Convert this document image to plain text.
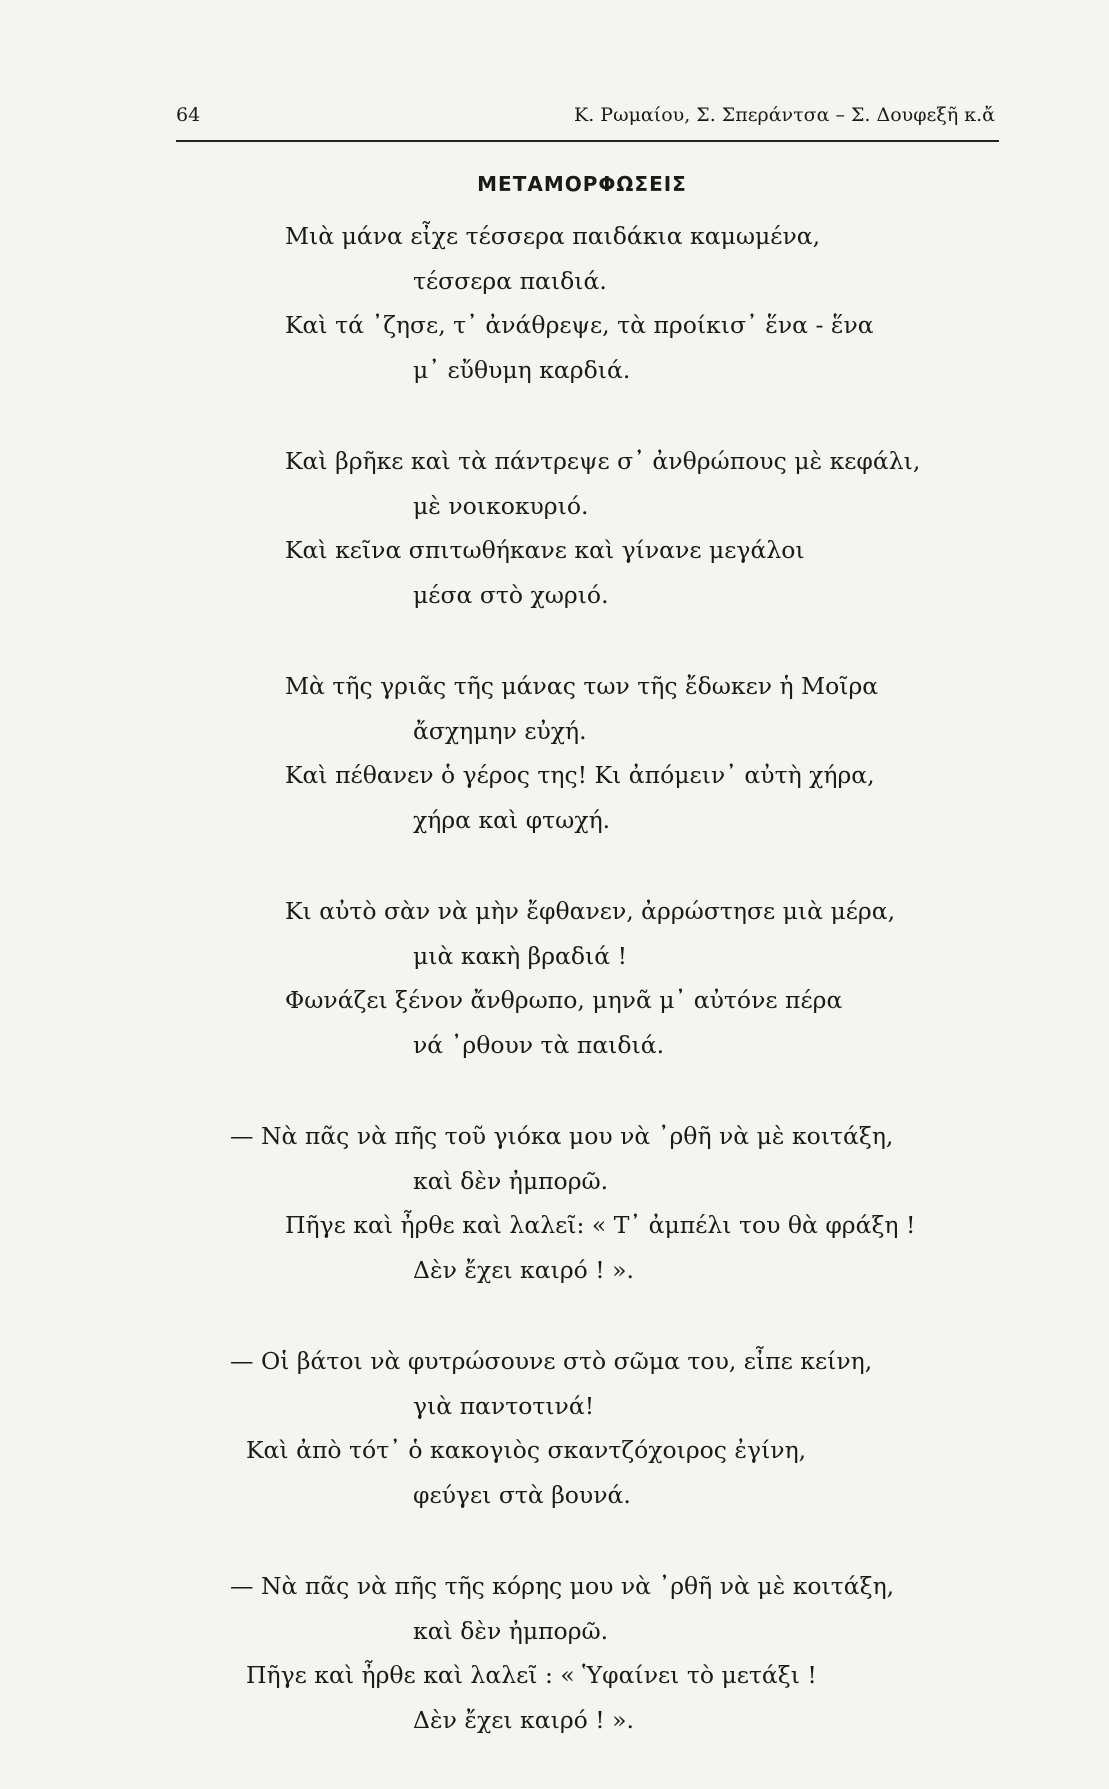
64	Κ. Ρωμαίου, Σ. Σπεράντσα – Σ. Δουφεξῆ κ.ἄ
ΜΕΤΑΜΟΡΦΩΣΕΙΣ
Μιὰ μάνα εἶχε τέσσερα παιδάκια καμωμένα,
τέσσερα παιδιά.
Καὶ τά ᾿ζησε, τ᾿ ἀνάθρεψε, τὰ προίκισ᾿ ἕνα - ἕνα
μ᾿ εὔθυμη καρδιά.
Καὶ βρῆκε καὶ τὰ πάντρεψε σ᾿ ἀνθρώπους μὲ κεφάλι,
μὲ νοικοκυριό.
Καὶ κεῖνα σπιτωθήκανε καὶ γίνανε μεγάλοι
μέσα στὸ χωριό.
Μὰ τῆς γριᾶς τῆς μάνας των τῆς ἔδωκεν ἡ Μοῖρα
ἄσχημην εὐχή.
Καὶ πέθανεν ὁ γέρος της! Κι ἀπόμειν᾿ αὐτὴ χήρα,
χήρα καὶ φτωχή.
Κι αὐτὸ σὰν νὰ μὴν ἔφθανεν, ἀρρώστησε μιὰ μέρα,
μιὰ κακὴ βραδιά !
Φωνάζει ξένον ἄνθρωπο, μηνᾶ μ᾿ αὐτόνε πέρα
νά ᾿ρθουν τὰ παιδιά.
— Νὰ πᾶς νὰ πῆς τοῦ γιόκα μου νὰ ᾿ρθῆ νὰ μὲ κοιτάξη,
καὶ δὲν ἠμπορῶ.
Πῆγε καὶ ἦρθε καὶ λαλεῖ: « Τ᾿ ἀμπέλι του θὰ φράξη !
Δὲν ἔχει καιρό ! ».
— Οἱ βάτοι νὰ φυτρώσουνε στὸ σῶμα του, εἶπε κείνη,
γιὰ παντοτινά!
Καὶ ἀπὸ τότ᾿ ὁ κακογιὸς σκαντζόχοιρος ἐγίνη,
φεύγει στὰ βουνά.
— Νὰ πᾶς νὰ πῆς τῆς κόρης μου νὰ ᾿ρθῆ νὰ μὲ κοιτάξη,
καὶ δὲν ἠμπορῶ.
Πῆγε καὶ ἦρθε καὶ λαλεῖ : « Ὑφαίνει τὸ μετάξι !
Δὲν ἔχει καιρό ! ».
